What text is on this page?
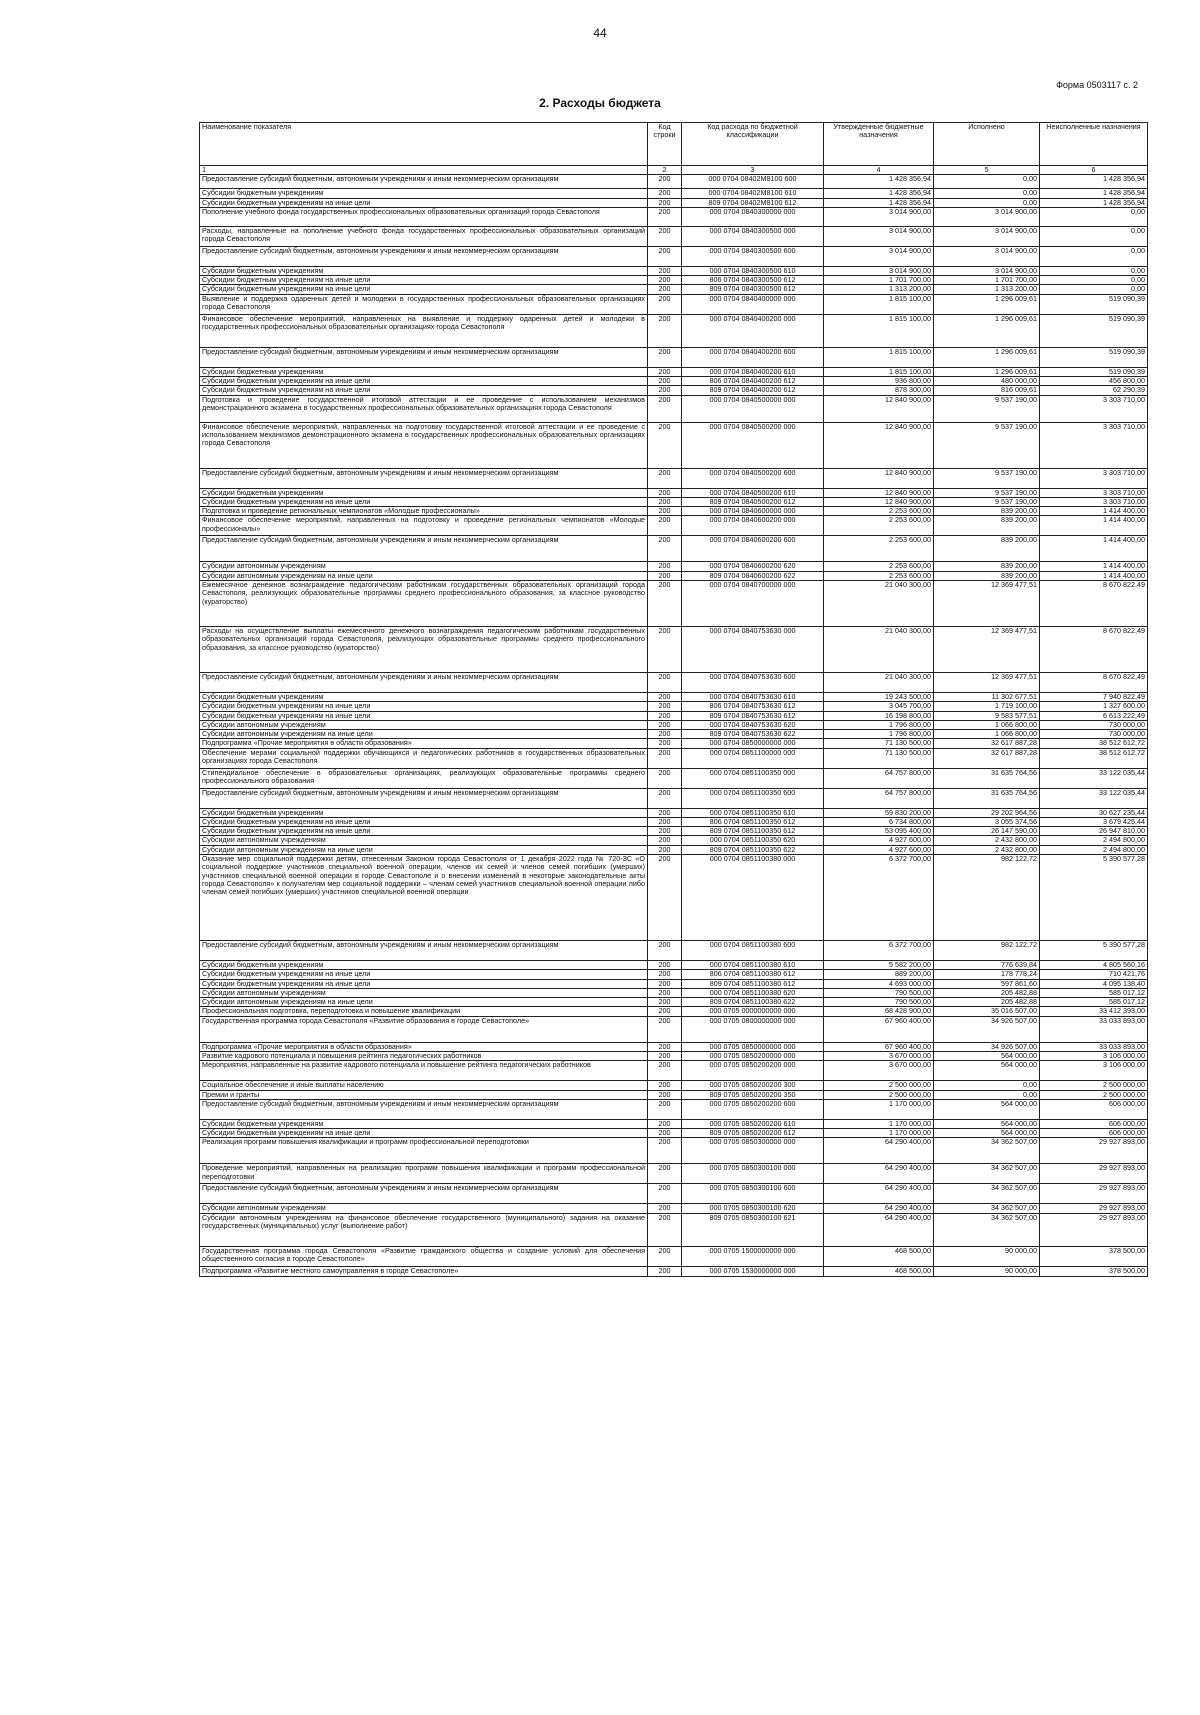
44
Форма 0503117 с. 2
2. Расходы бюджета
Наименование показателя	Код строки	Код расхода по бюджетной классификации	Утвержденные бюджетные назначения	Исполнено	Неисполненные назначения
1	2	3	4	5	6
Предоставление субсидий бюджетным, автономным учреждениям и иным некоммерческим организациям	200	000 0704 08402M8100 600	1 428 356,94	0,00	1 428 356,94
Субсидии бюджетным учреждениям	200	000 0704 08402M8100 610	1 428 356,94	0,00	1 428 356,94
Субсидии бюджетным учреждениям на иные цели	200	809 0704 08402M8100 612	1 428 356,94	0,00	1 428 356,94
Пополнение учебного фонда государственных профессиональных образовательных организаций города Севастополя	200	000 0704 0840300000 000	3 014 900,00	3 014 900,00	0,00
Расходы, направленные на пополнение учебного фонда государственных профессиональных образовательных организаций города Севастополя	200	000 0704 0840300500 000	3 014 900,00	3 014 900,00	0,00
Предоставление субсидий бюджетным, автономным учреждениям и иным некоммерческим организациям	200	000 0704 0840300500 600	3 014 900,00	3 014 900,00	0,00
Субсидии бюджетным учреждениям	200	000 0704 0840300500 610	3 014 900,00	3 014 900,00	0,00
Субсидии бюджетным учреждениям на иные цели	200	806 0704 0840300500 612	1 701 700,00	1 701 700,00	0,00
Субсидии бюджетным учреждениям на иные цели	200	809 0704 0840300500 612	1 313 200,00	1 313 200,00	0,00
Выявление и поддержка одаренных детей и молодежи в государственных профессиональных образовательных организациях города Севастополя	200	000 0704 0840400000 000	1 815 100,00	1 296 009,61	519 090,39
Финансовое обеспечение мероприятий, направленных на выявление и поддержку одаренных детей и молодежи в государственных профессиональных образовательных организациях города Севастополя	200	000 0704 0840400200 000	1 815 100,00	1 296 009,61	519 090,39
Предоставление субсидий бюджетным, автономным учреждениям и иным некоммерческим организациям	200	000 0704 0840400200 600	1 815 100,00	1 296 009,61	519 090,39
Субсидии бюджетным учреждениям	200	000 0704 0840400200 610	1 815 100,00	1 296 009,61	519 090,39
Субсидии бюджетным учреждениям на иные цели	200	806 0704 0840400200 612	936 800,00	480 000,00	456 800,00
Субсидии бюджетным учреждениям на иные цели	200	809 0704 0840400200 612	878 300,00	816 009,61	62 290,39
Подготовка и проведение государственной итоговой аттестации и ее проведение с использованием механизмов демонстрационного экзамена в государственных профессиональных образовательных организациях города Севастополя	200	000 0704 0840500000 000	12 840 900,00	9 537 190,00	3 303 710,00
Финансовое обеспечение мероприятий, направленных на подготовку государственной итоговой аттестации и ее проведение с использованием механизмов демонстрационного экзамена в государственных профессиональных образовательных организациях города Севастополя	200	000 0704 0840500200 000	12 840 900,00	9 537 190,00	3 303 710,00
Предоставление субсидий бюджетным, автономным учреждениям и иным некоммерческим организациям	200	000 0704 0840500200 600	12 840 900,00	9 537 190,00	3 303 710,00
Субсидии бюджетным учреждениям	200	000 0704 0840500200 610	12 840 900,00	9 537 190,00	3 303 710,00
Субсидии бюджетным учреждениям на иные цели	200	809 0704 0840500200 612	12 840 900,00	9 537 190,00	3 303 710,00
Подготовка и проведение региональных чемпионатов «Молодые профессионалы»	200	000 0704 0840600000 000	2 253 600,00	839 200,00	1 414 400,00
Финансовое обеспечение мероприятий, направленных на подготовку и проведение региональных чемпионатов «Молодые профессионалы»	200	000 0704 0840600200 000	2 253 600,00	839 200,00	1 414 400,00
Предоставление субсидий бюджетным, автономным учреждениям и иным некоммерческим организациям	200	000 0704 0840600200 600	2 253 600,00	839 200,00	1 414 400,00
Субсидии автономным учреждениям	200	000 0704 0840600200 620	2 253 600,00	839 200,00	1 414 400,00
Субсидии автономным учреждениям на иные цели	200	809 0704 0840600200 622	2 253 600,00	839 200,00	1 414 400,00
Ежемесячное денежное вознаграждение педагогическим работникам государственных образовательных организаций города Севастополя, реализующих образовательные программы среднего профессионального образования, за классное руководство (кураторство)	200	000 0704 0840700000 000	21 040 300,00	12 369 477,51	8 670 822,49
Расходы на осуществление выплаты ежемесячного денежного вознаграждения педагогическим работникам государственных образовательных организаций города Севастополя, реализующих образовательные программы среднего профессионального образования, за классное руководство (кураторство)	200	000 0704 0840753630 000	21 040 300,00	12 369 477,51	8 670 822,49
Предоставление субсидий бюджетным, автономным учреждениям и иным некоммерческим организациям	200	000 0704 0840753630 600	21 040 300,00	12 369 477,51	8 670 822,49
Субсидии бюджетным учреждениям	200	000 0704 0840753630 610	19 243 500,00	11 302 677,51	7 940 822,49
Субсидии бюджетным учреждениям на иные цели	200	806 0704 0840753630 612	3 045 700,00	1 719 100,00	1 327 600,00
Субсидии бюджетным учреждениям на иные цели	200	809 0704 0840753630 612	16 198 800,00	9 583 577,51	6 613 222,49
Субсидии автономным учреждениям	200	000 0704 0840753630 620	1 796 800,00	1 066 800,00	730 000,00
Субсидии автономным учреждениям на иные цели	200	809 0704 0840753630 622	1 796 800,00	1 066 800,00	730 000,00
Подпрограмма «Прочие мероприятия в области образования»	200	000 0704 0850000000 000	71 130 500,00	32 617 887,28	38 512 612,72
Обеспечение мерами социальной поддержки обучающихся и педагогических работников в государственных образовательных организациях города Севастополя	200	000 0704 0851100000 000	71 130 500,00	32 617 887,28	38 512 612,72
Стипендиальное обеспечение в образовательных организациях, реализующих образовательные программы среднего профессионального образования	200	000 0704 0851100350 000	64 757 800,00	31 635 764,56	33 122 035,44
Предоставление субсидий бюджетным, автономным учреждениям и иным некоммерческим организациям	200	000 0704 0851100350 600	64 757 800,00	31 635 764,56	33 122 035,44
Субсидии бюджетным учреждениям	200	000 0704 0851100350 610	59 830 200,00	29 202 964,56	30 627 235,44
Субсидии бюджетным учреждениям на иные цели	200	806 0704 0851100350 612	6 734 800,00	3 055 374,56	3 679 425,44
Субсидии бюджетным учреждениям на иные цели	200	809 0704 0851100350 612	53 095 400,00	26 147 590,00	26 947 810,00
Субсидии автономным учреждениям	200	000 0704 0851100350 620	4 927 600,00	2 432 800,00	2 494 800,00
Субсидии автономным учреждениям на иные цели	200	809 0704 0851100350 622	4 927 600,00	2 432 800,00	2 494 800,00
Оказание мер социальной поддержки детям, отнесенным Законом города Севастополя от 1 декабря 2022 года № 720-ЗС «О социальной поддержке участников специальной военной операции, членов их семей и членов семей погибших (умерших) участников специальной военной операции в городе Севастополе и о внесении изменений в некоторые законодательные акты города Севастополя» к получателям мер социальной поддержки – членам семей участников специальной военной операции либо членам семей погибших (умерших) участников специальной военной операции	200	000 0704 0851100380 000	6 372 700,00	982 122,72	5 390 577,28
Предоставление субсидий бюджетным, автономным учреждениям и иным некоммерческим организациям	200	000 0704 0851100380 600	6 372 700,00	982 122,72	5 390 577,28
Субсидии бюджетным учреждениям	200	000 0704 0851100380 610	5 582 200,00	776 639,84	4 805 560,16
Субсидии бюджетным учреждениям на иные цели	200	806 0704 0851100380 612	889 200,00	178 778,24	710 421,76
Субсидии бюджетным учреждениям на иные цели	200	809 0704 0851100380 612	4 693 000,00	597 861,60	4 095 138,40
Субсидии автономным учреждениям	200	000 0704 0851100380 620	790 500,00	205 482,88	585 017,12
Субсидии автономным учреждениям на иные цели	200	809 0704 0851100380 622	790 500,00	205 482,88	585 017,12
Профессиональная подготовка, переподготовка и повышение квалификации	200	000 0705 0000000000 000	68 428 900,00	35 016 507,00	33 412 393,00
Государственная программа города Севастополя «Развитие образования в городе Севастополе»	200	000 0705 0800000000 000	67 960 400,00	34 926 507,00	33 033 893,00
Подпрограмма «Прочие мероприятия в области образования»	200	000 0705 0850000000 000	67 960 400,00	34 926 507,00	33 033 893,00
Развитие кадрового потенциала и повышения рейтинга педагогических работников	200	000 0705 0850200000 000	3 670 000,00	564 000,00	3 106 000,00
Мероприятия, направленные на развитие кадрового потенциала и повышение рейтинга педагогических работников	200	000 0705 0850200200 000	3 670 000,00	564 000,00	3 106 000,00
Социальное обеспечение и иные выплаты населению	200	000 0705 0850200200 300	2 500 000,00	0,00	2 500 000,00
Премии и гранты	200	809 0705 0850200200 350	2 500 000,00	0,00	2 500 000,00
Предоставление субсидий бюджетным, автономным учреждениям и иным некоммерческим организациям	200	000 0705 0850200200 600	1 170 000,00	564 000,00	606 000,00
Субсидии бюджетным учреждениям	200	000 0705 0850200200 610	1 170 000,00	564 000,00	606 000,00
Субсидии бюджетным учреждениям на иные цели	200	809 0705 0850200200 612	1 170 000,00	564 000,00	606 000,00
Реализация программ повышения квалификации и программ профессиональной переподготовки	200	000 0705 0850300000 000	64 290 400,00	34 362 507,00	29 927 893,00
Проведение мероприятий, направленных на реализацию программ повышения квалификации и программ профессиональной переподготовки	200	000 0705 0850300100 000	64 290 400,00	34 362 507,00	29 927 893,00
Предоставление субсидий бюджетным, автономным учреждениям и иным некоммерческим организациям	200	000 0705 0850300100 600	64 290 400,00	34 362 507,00	29 927 893,00
Субсидии автономным учреждениям	200	000 0705 0850300100 620	64 290 400,00	34 362 507,00	29 927 893,00
Субсидии автономным учреждениям на финансовое обеспечение государственного (муниципального) задания на оказание государственных (муниципальных) услуг (выполнение работ)	200	809 0705 0850300100 621	64 290 400,00	34 362 507,00	29 927 893,00
Государственная программа города Севастополя «Развитие гражданского общества и создание условий для обеспечения общественного согласия в городе Севастополе»	200	000 0705 1500000000 000	468 500,00	90 000,00	378 500,00
Подпрограмма «Развитие местного самоуправления в городе Севастополе»	200	000 0705 1530000000 000	468 500,00	90 000,00	378 500,00
